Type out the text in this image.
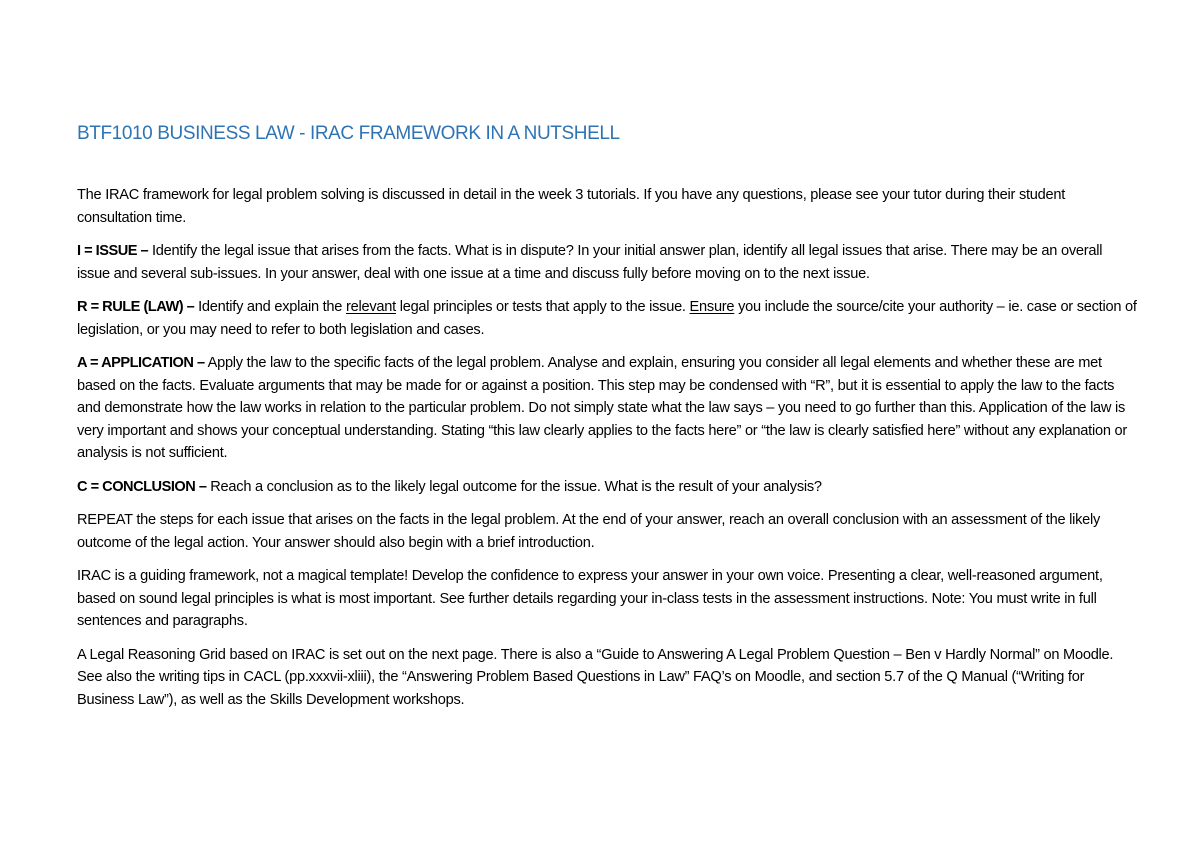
BTF1010 BUSINESS LAW - IRAC FRAMEWORK IN A NUTSHELL

The IRAC framework for legal problem solving is discussed in detail in the week 3 tutorials. If you have any questions, please see your tutor during their student consultation time.

I = ISSUE – Identify the legal issue that arises from the facts. What is in dispute? In your initial answer plan, identify all legal issues that arise. There may be an overall issue and several sub-issues. In your answer, deal with one issue at a time and discuss fully before moving on to the next issue.

R = RULE (LAW) – Identify and explain the relevant legal principles or tests that apply to the issue. Ensure you include the source/cite your authority – ie. case or section of legislation, or you may need to refer to both legislation and cases.

A = APPLICATION – Apply the law to the specific facts of the legal problem. Analyse and explain, ensuring you consider all legal elements and whether these are met based on the facts. Evaluate arguments that may be made for or against a position. This step may be condensed with “R”, but it is essential to apply the law to the facts and demonstrate how the law works in relation to the particular problem. Do not simply state what the law says – you need to go further than this. Application of the law is very important and shows your conceptual understanding. Stating “this law clearly applies to the facts here” or “the law is clearly satisfied here” without any explanation or analysis is not sufficient.

C = CONCLUSION – Reach a conclusion as to the likely legal outcome for the issue. What is the result of your analysis?

REPEAT the steps for each issue that arises on the facts in the legal problem. At the end of your answer, reach an overall conclusion with an assessment of the likely outcome of the legal action. Your answer should also begin with a brief introduction.

IRAC is a guiding framework, not a magical template! Develop the confidence to express your answer in your own voice. Presenting a clear, well-reasoned argument, based on sound legal principles is what is most important. See further details regarding your in-class tests in the assessment instructions. Note: You must write in full sentences and paragraphs.

A Legal Reasoning Grid based on IRAC is set out on the next page. There is also a “Guide to Answering A Legal Problem Question – Ben v Hardly Normal” on Moodle. See also the writing tips in CACL (pp.xxxvii-xliii), the “Answering Problem Based Questions in Law” FAQ’s on Moodle, and section 5.7 of the Q Manual (“Writing for Business Law”), as well as the Skills Development workshops.
